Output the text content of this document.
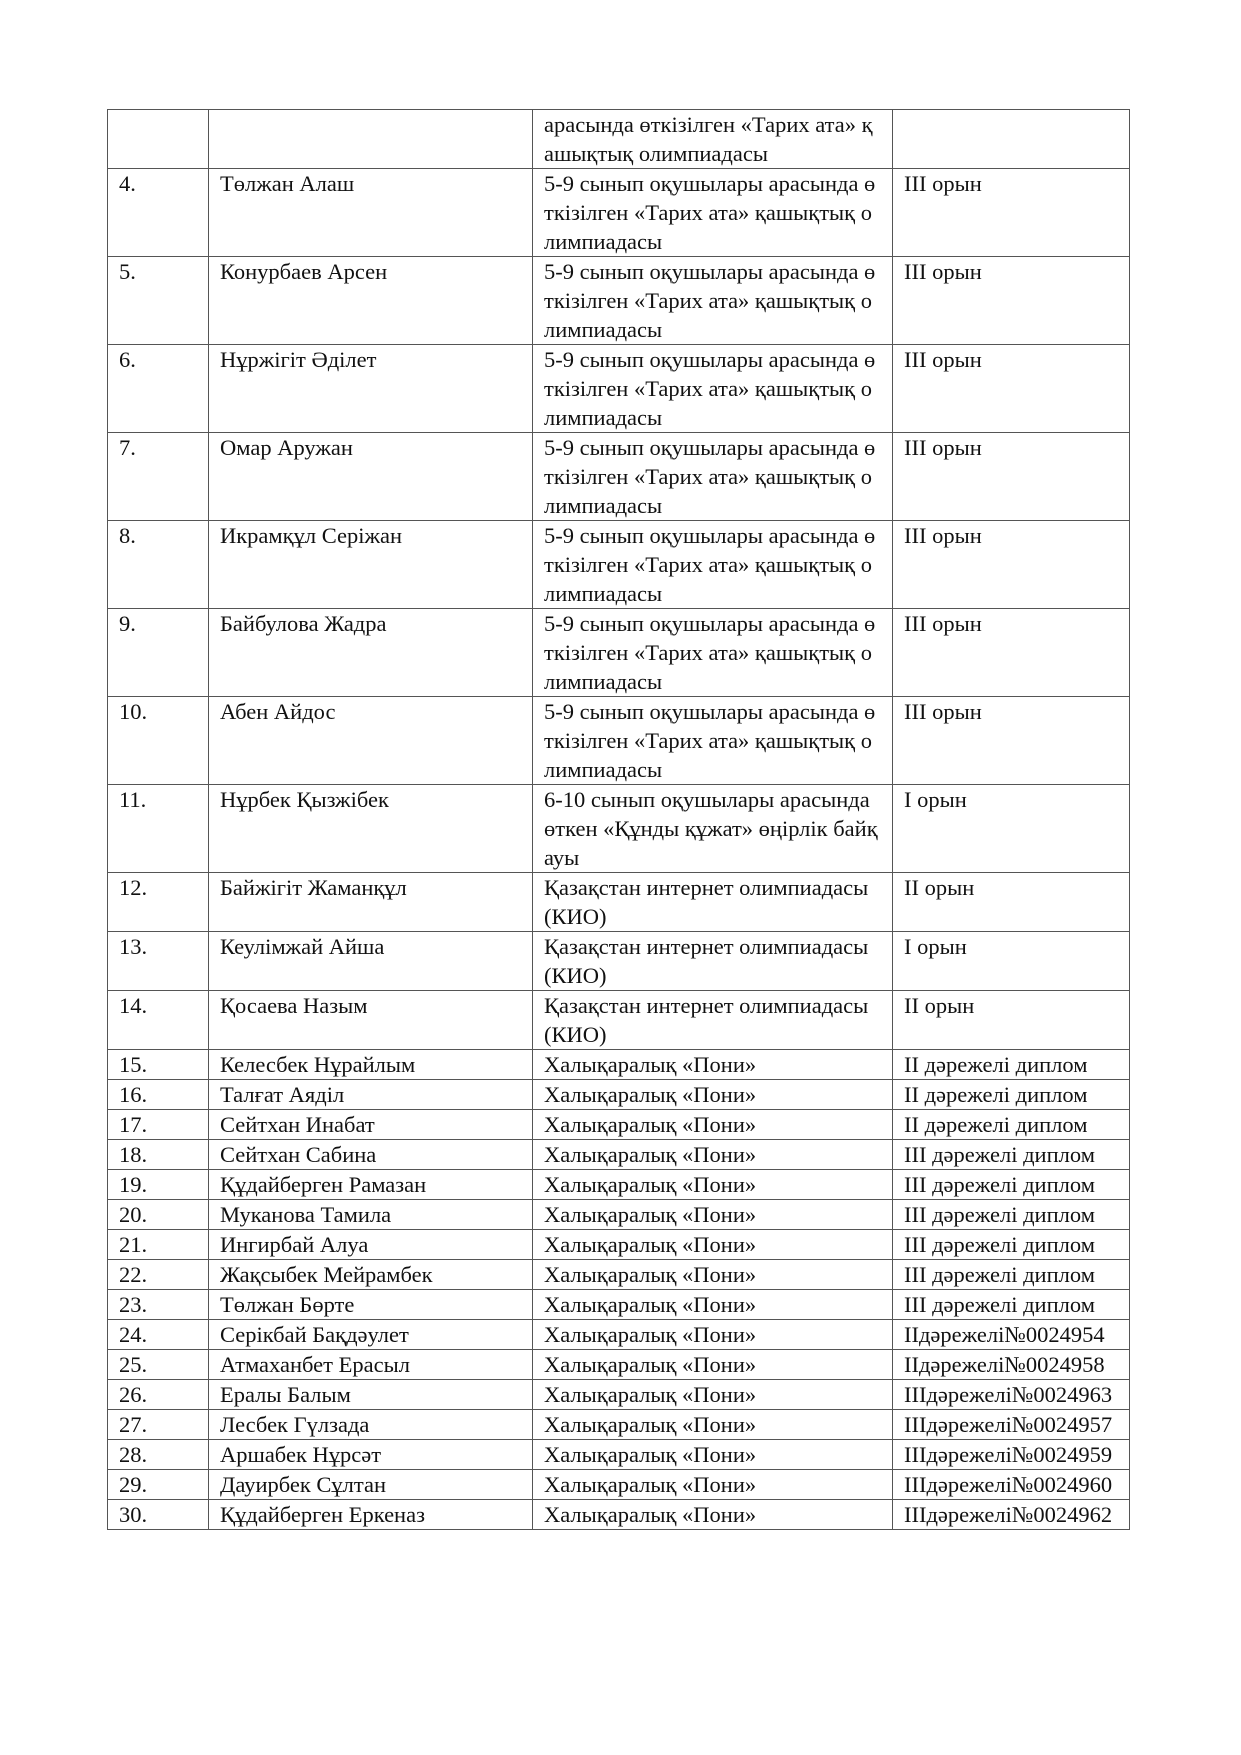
		арасында өткізілген «Тарих ата» қашықтық олимпиадасы	
4.	Төлжан Алаш	5-9 сынып оқушылары арасында өткізілген «Тарих ата» қашықтық олимпиадасы	III орын
5.	Конурбаев Арсен	5-9 сынып оқушылары арасында өткізілген «Тарих ата» қашықтық олимпиадасы	III орын
6.	Нұржігіт Әділет	5-9 сынып оқушылары арасында өткізілген «Тарих ата» қашықтық олимпиадасы	III орын
7.	Омар Аружан	5-9 сынып оқушылары арасында өткізілген «Тарих ата» қашықтық олимпиадасы	III орын
8.	Икрамқұл Серіжан	5-9 сынып оқушылары арасында өткізілген «Тарих ата» қашықтық олимпиадасы	III орын
9.	Байбулова Жадра	5-9 сынып оқушылары арасында өткізілген «Тарих ата» қашықтық олимпиадасы	III орын
10.	Абен Айдос	5-9 сынып оқушылары арасында өткізілген «Тарих ата» қашықтық олимпиадасы	III орын
11.	Нұрбек Қызжібек	6-10 сынып оқушылары арасында өткен «Құнды құжат» өңірлік байқауы	I орын
12.	Байжігіт Жаманқұл	Қазақстан интернет олимпиадасы (КИО)	II орын
13.	Кеулімжай Айша	Қазақстан интернет олимпиадасы (КИО)	I орын
14.	Қосаева Назым	Қазақстан интернет олимпиадасы (КИО)	II орын
15.	Келесбек Нұрайлым	Халықаралық «Пони»	II дәрежелі диплом
16.	Талғат Аяділ	Халықаралық «Пони»	II дәрежелі диплом
17.	Сейтхан Инабат	Халықаралық «Пони»	II дәрежелі диплом
18.	Сейтхан Сабина	Халықаралық «Пони»	III дәрежелі диплом
19.	Құдайберген Рамазан	Халықаралық «Пони»	III дәрежелі диплом
20.	Муканова Тамила	Халықаралық «Пони»	III дәрежелі диплом
21.	Ингирбай Алуа	Халықаралық «Пони»	III дәрежелі диплом
22.	Жақсыбек Мейрамбек	Халықаралық «Пони»	III дәрежелі диплом
23.	Төлжан Бөрте	Халықаралық «Пони»	III дәрежелі диплом
24.	Серікбай Бақдәулет	Халықаралық «Пони»	IIдәрежелі№0024954
25.	Атмаханбет Ерасыл	Халықаралық «Пони»	IIдәрежелі№0024958
26.	Ералы Балым	Халықаралық «Пони»	IIIдәрежелі№0024963
27.	Лесбек Гүлзада	Халықаралық «Пони»	IIIдәрежелі№0024957
28.	Аршабек Нұрсәт	Халықаралық «Пони»	IIIдәрежелі№0024959
29.	Дауирбек Сұлтан	Халықаралық «Пони»	IIIдәрежелі№0024960
30.	Құдайберген Еркеназ	Халықаралық «Пони»	IIIдәрежелі№0024962
